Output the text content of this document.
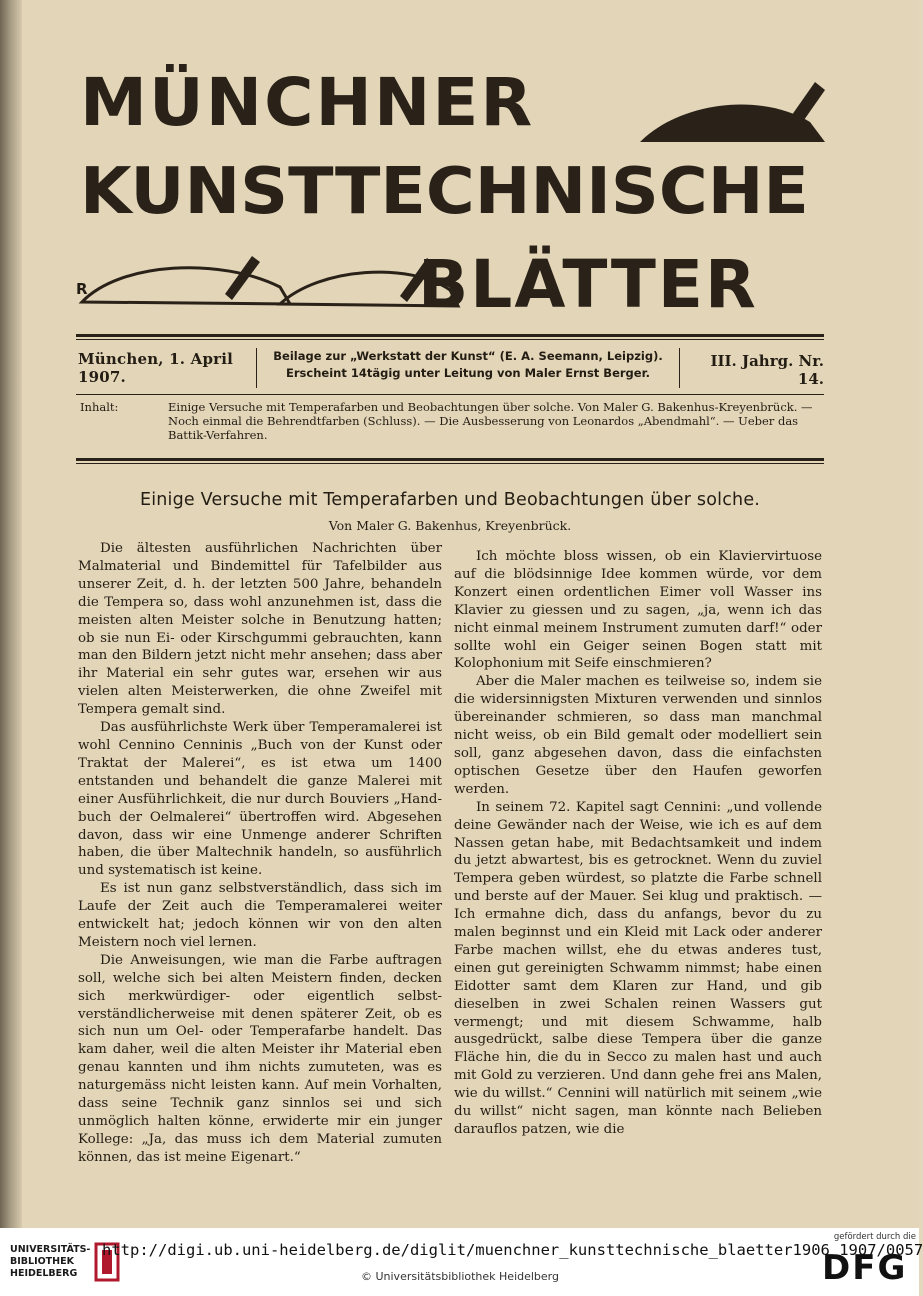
MÜNCHNER
KUNSTTECHNISCHE
BLÄTTER
R
München, 1. April 1907.
Beilage zur „Werkstatt der Kunst“ (E. A. Seemann, Leipzig).
Erscheint 14tägig unter Leitung von Maler Ernst Berger.
III. Jahrg. Nr. 14.
Inhalt:	Einige Versuche mit Temperafarben und Beobachtungen über solche. Von Maler G. Bakenhus-Kreyenbrück. — Noch einmal die Behrendtfarben (Schluss). — Die Ausbesserung von Leonardos „Abendmahl“. — Ueber das Battik-Verfahren.
Einige Versuche mit Temperafarben und Beobachtungen über solche.
Von Maler G. Bakenhus, Kreyenbrück.

Die ältesten ausführlichen Nachrichten über Malmaterial und Bindemittel für Tafelbilder aus unserer Zeit, d. h. der letzten 500 Jahre, behandeln die Tempera so, dass wohl anzunehmen ist, dass die meisten alten Meister solche in Benutzung hatten; ob sie nun Ei- oder Kirschgummi gebrauchten, kann man den Bildern jetzt nicht mehr ansehen; dass aber ihr Material ein sehr gutes war, ersehen wir aus vielen alten Meisterwerken, die ohne Zweifel mit Tempera gemalt sind.

Das ausführlichste Werk über Temperamalerei ist wohl Cennino Cenninis „Buch von der Kunst oder Traktat der Malerei“, es ist etwa um 1400 entstanden und behandelt die ganze Malerei mit einer Ausführlichkeit, die nur durch Bouviers „Handbuch der Oelmalerei“ übertroffen wird. Abgesehen davon, dass wir eine Unmenge anderer Schriften haben, die über Maltechnik handeln, so ausführlich und systematisch ist keine.

Es ist nun ganz selbstverständlich, dass sich im Laufe der Zeit auch die Temperamalerei weiter entwickelt hat; jedoch können wir von den alten Meistern noch viel lernen.

Die Anweisungen, wie man die Farbe auftragen soll, welche sich bei alten Meistern finden, decken sich merkwürdiger- oder eigentlich selbstverständlicherweise mit denen späterer Zeit, ob es sich nun um Oel- oder Temperafarbe handelt. Das kam daher, weil die alten Meister ihr Material eben genau kannten und ihm nichts zumuteten, was es naturgemäss nicht leisten kann. Auf mein Vorhalten, dass seine Technik ganz sinnlos sei und sich unmöglich halten könne, erwiderte mir ein junger Kollege: „Ja, das muss ich dem Material zumuten können, das ist meine Eigenart.“

Ich möchte bloss wissen, ob ein Klaviervirtuose auf die blödsinnige Idee kommen würde, vor dem Konzert einen ordentlichen Eimer voll Wasser ins Klavier zu giessen und zu sagen, „ja, wenn ich das nicht einmal meinem Instrument zumuten darf!“ oder sollte wohl ein Geiger seinen Bogen statt mit Kolophonium mit Seife einschmieren?

Aber die Maler machen es teilweise so, indem sie die widersinnigsten Mixturen verwenden und sinnlos übereinander schmieren, so dass man manchmal nicht weiss, ob ein Bild gemalt oder modelliert sein soll, ganz abgesehen davon, dass die einfachsten optischen Gesetze über den Haufen geworfen werden.

In seinem 72. Kapitel sagt Cennini: „und vollende deine Gewänder nach der Weise, wie ich es auf dem Nassen getan habe, mit Bedachtsamkeit und indem du jetzt abwartest, bis es getrocknet. Wenn du zuviel Tempera geben würdest, so platzte die Farbe schnell und berste auf der Mauer. Sei klug und praktisch. — Ich ermahne dich, dass du anfangs, bevor du zu malen beginnst und ein Kleid mit Lack oder anderer Farbe machen willst, ehe du etwas anderes tust, einen gut gereinigten Schwamm nimmst; habe einen Eidotter samt dem Klaren zur Hand, und gib dieselben in zwei Schalen reinen Wassers gut vermengt; und mit diesem Schwamme, halb ausgedrückt, salbe diese Tempera über die ganze Fläche hin, die du in Secco zu malen hast und auch mit Gold zu verzieren. Und dann gehe frei ans Malen, wie du willst.“ Cennini will natürlich mit seinem „wie du willst“ nicht sagen, man könnte nach Belieben darauflos patzen, wie die

UNIVERSITÄTS-
BIBLIOTHEK
HEIDELBERG
http://digi.ub.uni-heidelberg.de/diglit/muenchner_kunsttechnische_blaetter1906_1907/0057
© Universitätsbibliothek Heidelberg
gefördert durch die
DFG
